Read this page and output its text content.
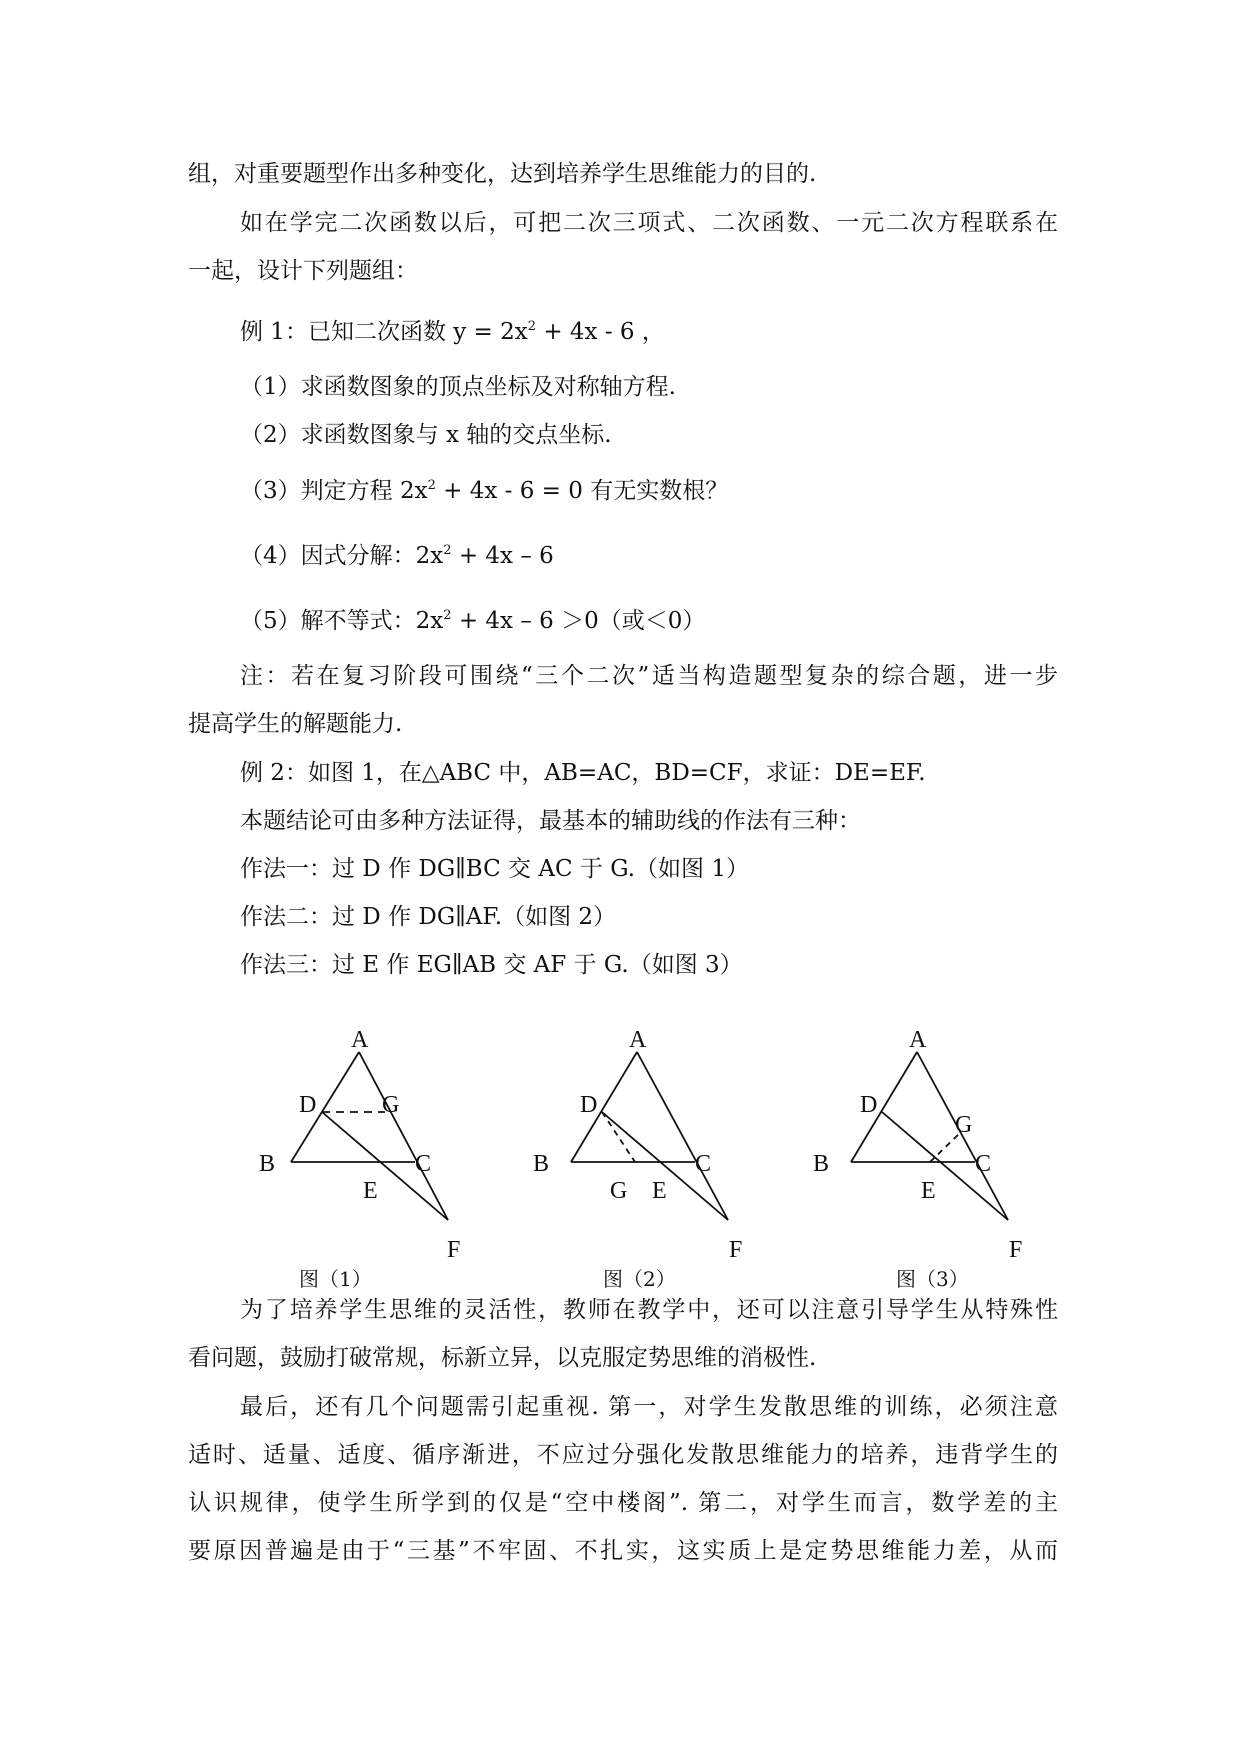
组，对重要题型作出多种变化，达到培养学生思维能力的目的.
如在学完二次函数以后，可把二次三项式、二次函数、一元二次方程联系在
一起，设计下列题组：
例 1：已知二次函数 $y = 2x^2 + 4x - 6$ ，
（1）求函数图象的顶点坐标及对称轴方程.
（2）求函数图象与 x 轴的交点坐标.
（3）判定方程 $2x^2 + 4x - 6 = 0$ 有无实数根？
（4）因式分解：$2x^2 + 4x - 6$
（5）解不等式：$2x^2 + 4x - 6 >0$（或＜0）
注：若在复习阶段可围绕“三个二次”适当构造题型复杂的综合题，进一步
提高学生的解题能力.
例 2：如图 1，在△ABC 中，AB=AC，BD=CF，求证：DE=EF.
本题结论可由多种方法证得，最基本的辅助线的作法有三种：
作法一：过 D 作 DG∥BC 交 AC 于 G.（如图 1）
作法二：过 D 作 DG∥AF.（如图 2）
作法三：过 E 作 EG∥AB 交 AF 于 G.（如图 3）
A
D	G
B	C
E
F
A
D
B	C
G E
F
A
D
G
B	C
E
F
图（1）	图（2）	图（3）
为了培养学生思维的灵活性，教师在教学中，还可以注意引导学生从特殊性
看问题，鼓励打破常规，标新立异，以克服定势思维的消极性.
最后，还有几个问题需引起重视. 第一，对学生发散思维的训练，必须注意
适时、适量、适度、循序渐进，不应过分强化发散思维能力的培养，违背学生的
认识规律，使学生所学到的仅是“空中楼阁”. 第二，对学生而言，数学差的主
要原因普遍是由于“三基”不牢固、不扎实，这实质上是定势思维能力差，从而
